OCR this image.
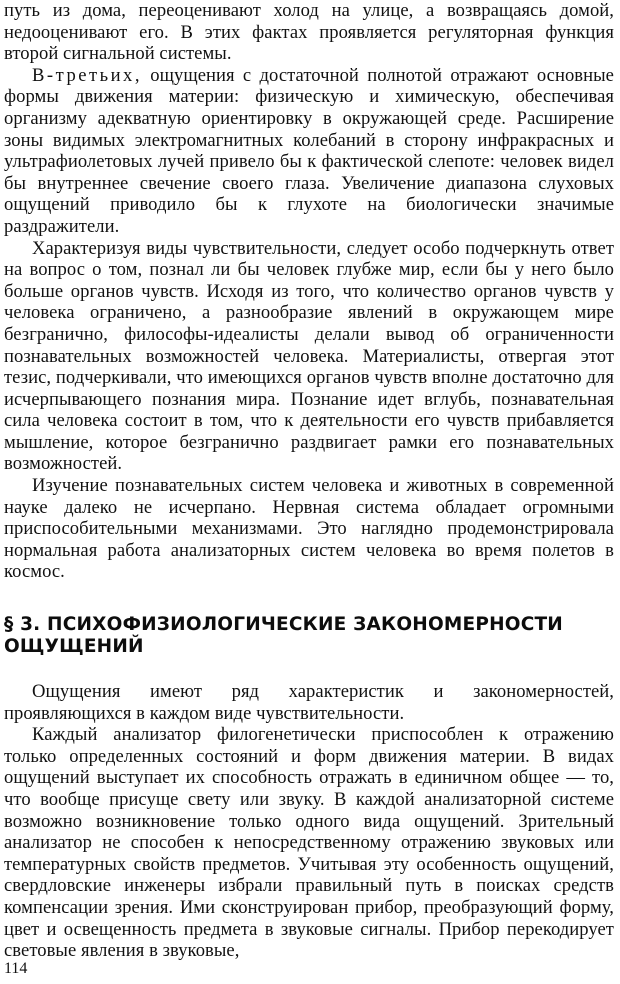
путь из дома, переоценивают холод на улице, а возвращаясь домой, недооценивают его. В этих фактах проявляется регуляторная функция второй сигнальной системы.

В-третьих, ощущения с достаточной полнотой отражают основные формы движения материи: физическую и химическую, обеспечивая организму адекватную ориентировку в окружающей среде. Расширение зоны видимых электромагнитных колебаний в сторону инфракрасных и ультрафиолетовых лучей привело бы к фактической слепоте: человек видел бы внутреннее свечение своего глаза. Увеличение диапазона слуховых ощущений приводило бы к глухоте на биологически значимые раздражители.

Характеризуя виды чувствительности, следует особо подчеркнуть ответ на вопрос о том, познал ли бы человек глубже мир, если бы у него было больше органов чувств. Исходя из того, что количество органов чувств у человека ограничено, а разнообразие явлений в окружающем мире безгранично, философы-идеалисты делали вывод об ограниченности познавательных возможностей человека. Материалисты, отвергая этот тезис, подчеркивали, что имеющихся органов чувств вполне достаточно для исчерпывающего познания мира. Познание идет вглубь, познавательная сила человека состоит в том, что к деятельности его чувств прибавляется мышление, которое безгранично раздвигает рамки его познавательных возможностей.

Изучение познавательных систем человека и животных в современной науке далеко не исчерпано. Нервная система обладает огромными приспособительными механизмами. Это наглядно продемонстрировала нормальная работа анализаторных систем человека во время полетов в космос.

§ 3. ПСИХОФИЗИОЛОГИЧЕСКИЕ ЗАКОНОМЕРНОСТИ
ОЩУЩЕНИЙ

Ощущения имеют ряд характеристик и закономерностей, проявляющихся в каждом виде чувствительности.

Каждый анализатор филогенетически приспособлен к отражению только определенных состояний и форм движения материи. В видах ощущений выступает их способность отражать в единичном общее — то, что вообще присуще свету или звуку. В каждой анализаторной системе возможно возникновение только одного вида ощущений. Зрительный анализатор не способен к непосредственному отражению звуковых или температурных свойств предметов. Учитывая эту особенность ощущений, свердловские инженеры избрали правильный путь в поисках средств компенсации зрения. Ими сконструирован прибор, преобразующий форму, цвет и освещенность предмета в звуковые сигналы. Прибор перекодирует световые явления в звуковые,

114
